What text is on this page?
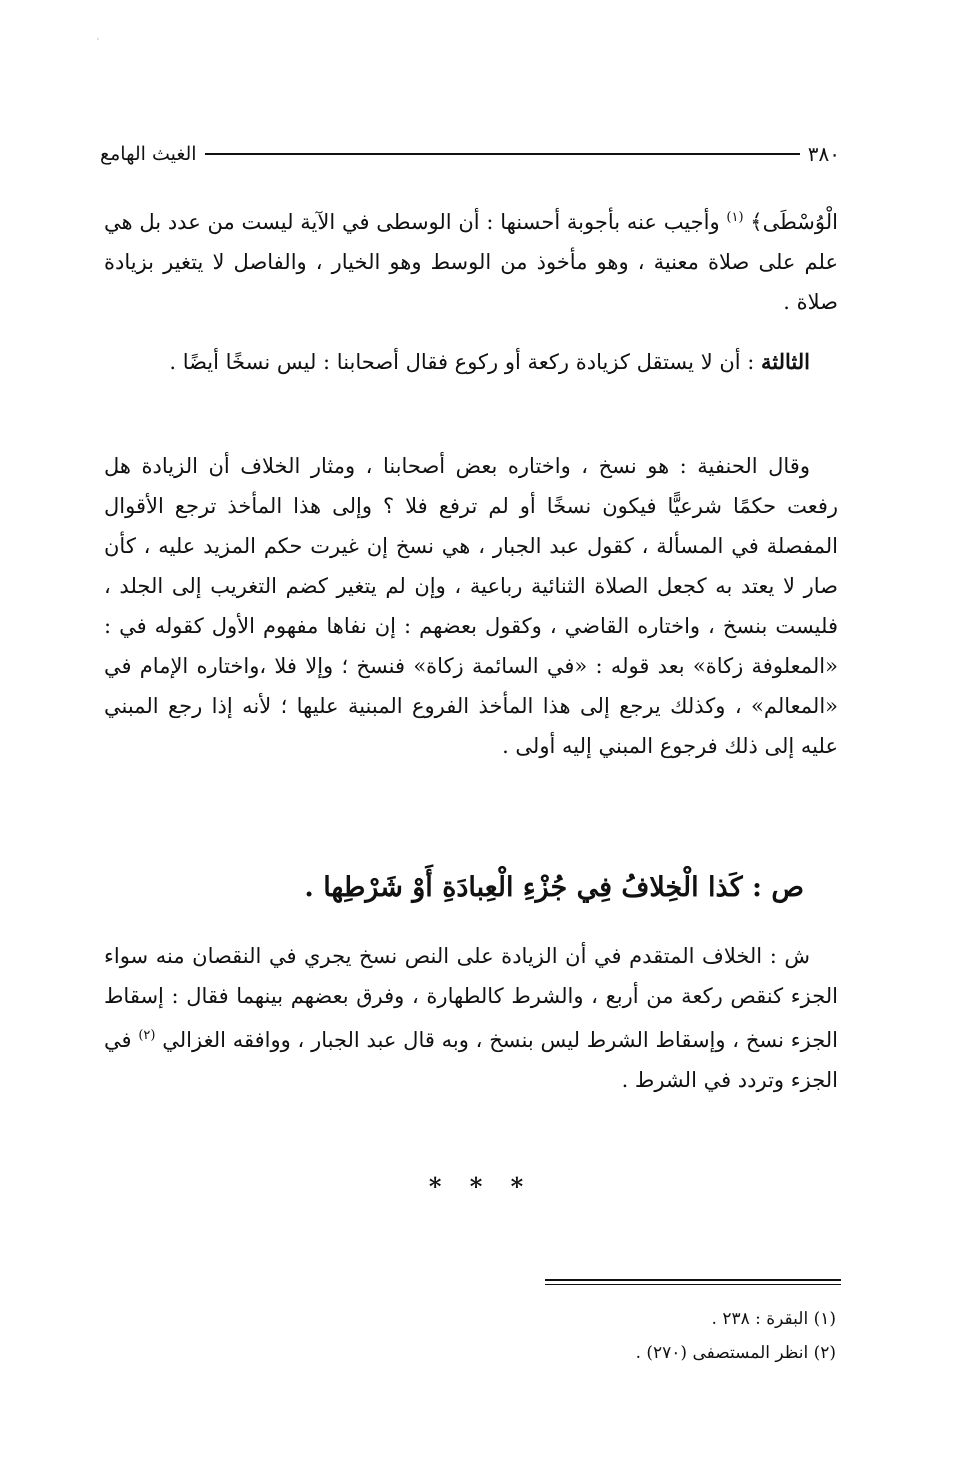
٣٨٠
الغيث الهامع
الْوُسْطَى﴾ $^{(١)}$ وأجيب عنه بأجوبة أحسنها : أن الوسطى في الآية ليست من عدد بل هي علم على صلاة معنية ، وهو مأخوذ من الوسط وهو الخيار ، والفاصل لا يتغير بزيادة صلاة .
الثالثة : أن لا يستقل كزيادة ركعة أو ركوع فقال أصحابنا : ليس نسخًا أيضًا .
وقال الحنفية : هو نسخ ، واختاره بعض أصحابنا ، ومثار الخلاف أن الزيادة هل رفعت حكمًا شرعيًّا فيكون نسخًا أو لم ترفع فلا ؟ وإلى هذا المأخذ ترجع الأقوال المفصلة في المسألة ، كقول عبد الجبار ، هي نسخ إن غيرت حكم المزيد عليه ، كأن صار لا يعتد به كجعل الصلاة الثنائية رباعية ، وإن لم يتغير كضم التغريب إلى الجلد ، فليست بنسخ ، واختاره القاضي ، وكقول بعضهم : إن نفاها مفهوم الأول كقوله في : «المعلوفة زكاة» بعد قوله : «في السائمة زكاة» فنسخ ؛ وإلا فلا ،واختاره الإمام في «المعالم» ، وكذلك يرجع إلى هذا المأخذ الفروع المبنية عليها ؛ لأنه إذا رجع المبني عليه إلى ذلك فرجوع المبني إليه أولى .
ص : كَذا الْخِلافُ فِي جُزْءِ الْعِبادَةِ أَوْ شَرْطِها .
ش : الخلاف المتقدم في أن الزيادة على النص نسخ يجري في النقصان منه سواء الجزء كنقص ركعة من أربع ، والشرط كالطهارة ، وفرق بعضهم بينهما فقال : إسقاط الجزء نسخ ، وإسقاط الشرط ليس بنسخ ، وبه قال عبد الجبار ، ووافقه الغزالي $^{(٢)}$ في الجزء وتردد في الشرط .
* * *
(١) البقرة : ٢٣٨ .
(٢) انظر المستصفى (٢٧٠) .
